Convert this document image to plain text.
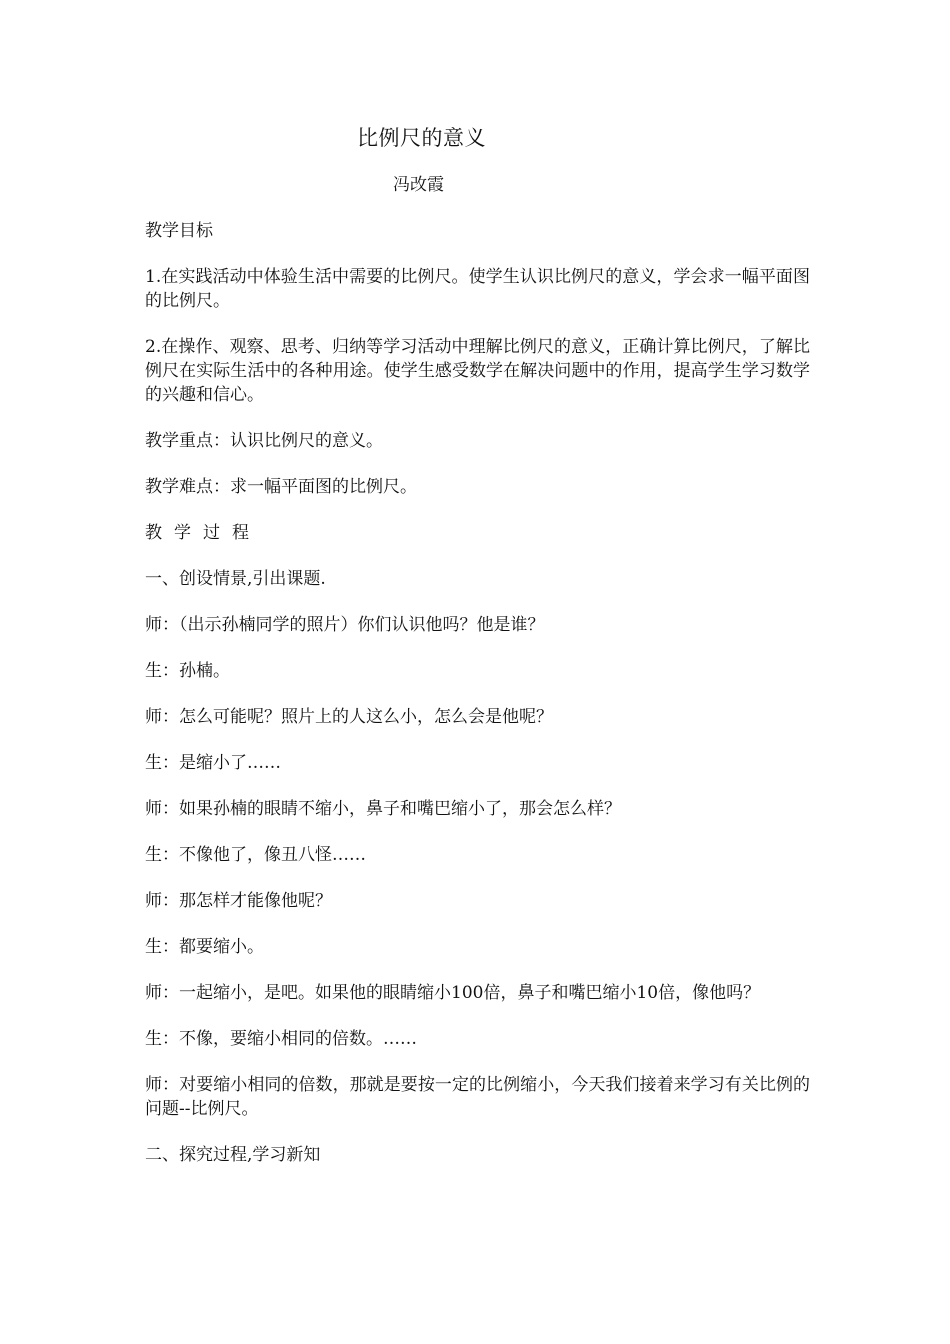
比例尺的意义
冯改霞

教学目标

1.在实践活动中体验生活中需要的比例尺。使学生认识比例尺的意义，学会求一幅平面图的比例尺。

2.在操作、观察、思考、归纳等学习活动中理解比例尺的意义，正确计算比例尺，了解比例尺在实际生活中的各种用途。使学生感受数学在解决问题中的作用，提高学生学习数学的兴趣和信心。

教学重点：认识比例尺的意义。

教学难点：求一幅平面图的比例尺。

教学过程

一、创设情景,引出课题.

师：（出示孙楠同学的照片）你们认识他吗？他是谁？

生：孙楠。

师：怎么可能呢？照片上的人这么小，怎么会是他呢？

生：是缩小了……

师：如果孙楠的眼睛不缩小，鼻子和嘴巴缩小了，那会怎么样？

生：不像他了，像丑八怪……

师：那怎样才能像他呢？

生：都要缩小。

师：一起缩小，是吧。如果他的眼睛缩小100倍，鼻子和嘴巴缩小10倍，像他吗？

生：不像，要缩小相同的倍数。……

师：对要缩小相同的倍数，那就是要按一定的比例缩小，今天我们接着来学习有关比例的问题--比例尺。

二、探究过程,学习新知
